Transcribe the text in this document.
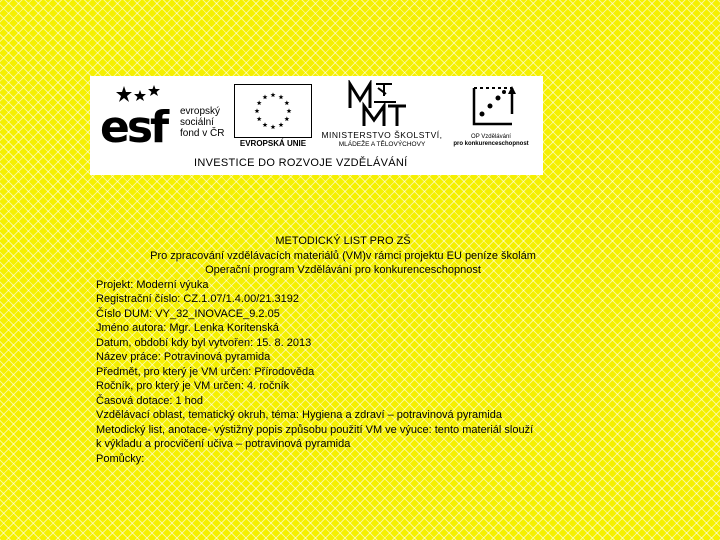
esf evropský
sociální
fond v ČR
EVROPSKÁ UNIE
MINISTERSTVO ŠKOLSTVÍ,
MLÁDEŽE A TĚLOVÝCHOVY
OP Vzdělávání
pro konkurenceschopnost
INVESTICE DO ROZVOJE VZDĚLÁVÁNÍ
METODICKÝ LIST PRO ZŠ
Pro zpracování vzdělávacích materiálů (VM)v rámci projektu EU peníze školám
Operační program Vzdělávání pro konkurenceschopnost
Projekt: Moderní výuka
Registrační číslo: CZ.1.07/1.4.00/21.3192
Číslo DUM: VY_32_INOVACE_9.2.05
Jméno autora: Mgr. Lenka Koritenská
Datum, období kdy byl vytvořen: 15. 8. 2013
Název práce: Potravinová pyramida
Předmět, pro který je VM určen: Přírodověda
Ročník, pro který je VM určen: 4. ročník
Časová dotace: 1 hod
Vzdělávací oblast, tematický okruh, téma: Hygiena a zdraví – potravinová pyramida
Metodický list, anotace- výstižný popis způsobu použití VM ve výuce: tento materiál slouží
k výkladu a procvičení učiva – potravinová pyramida
Pomůcky:
